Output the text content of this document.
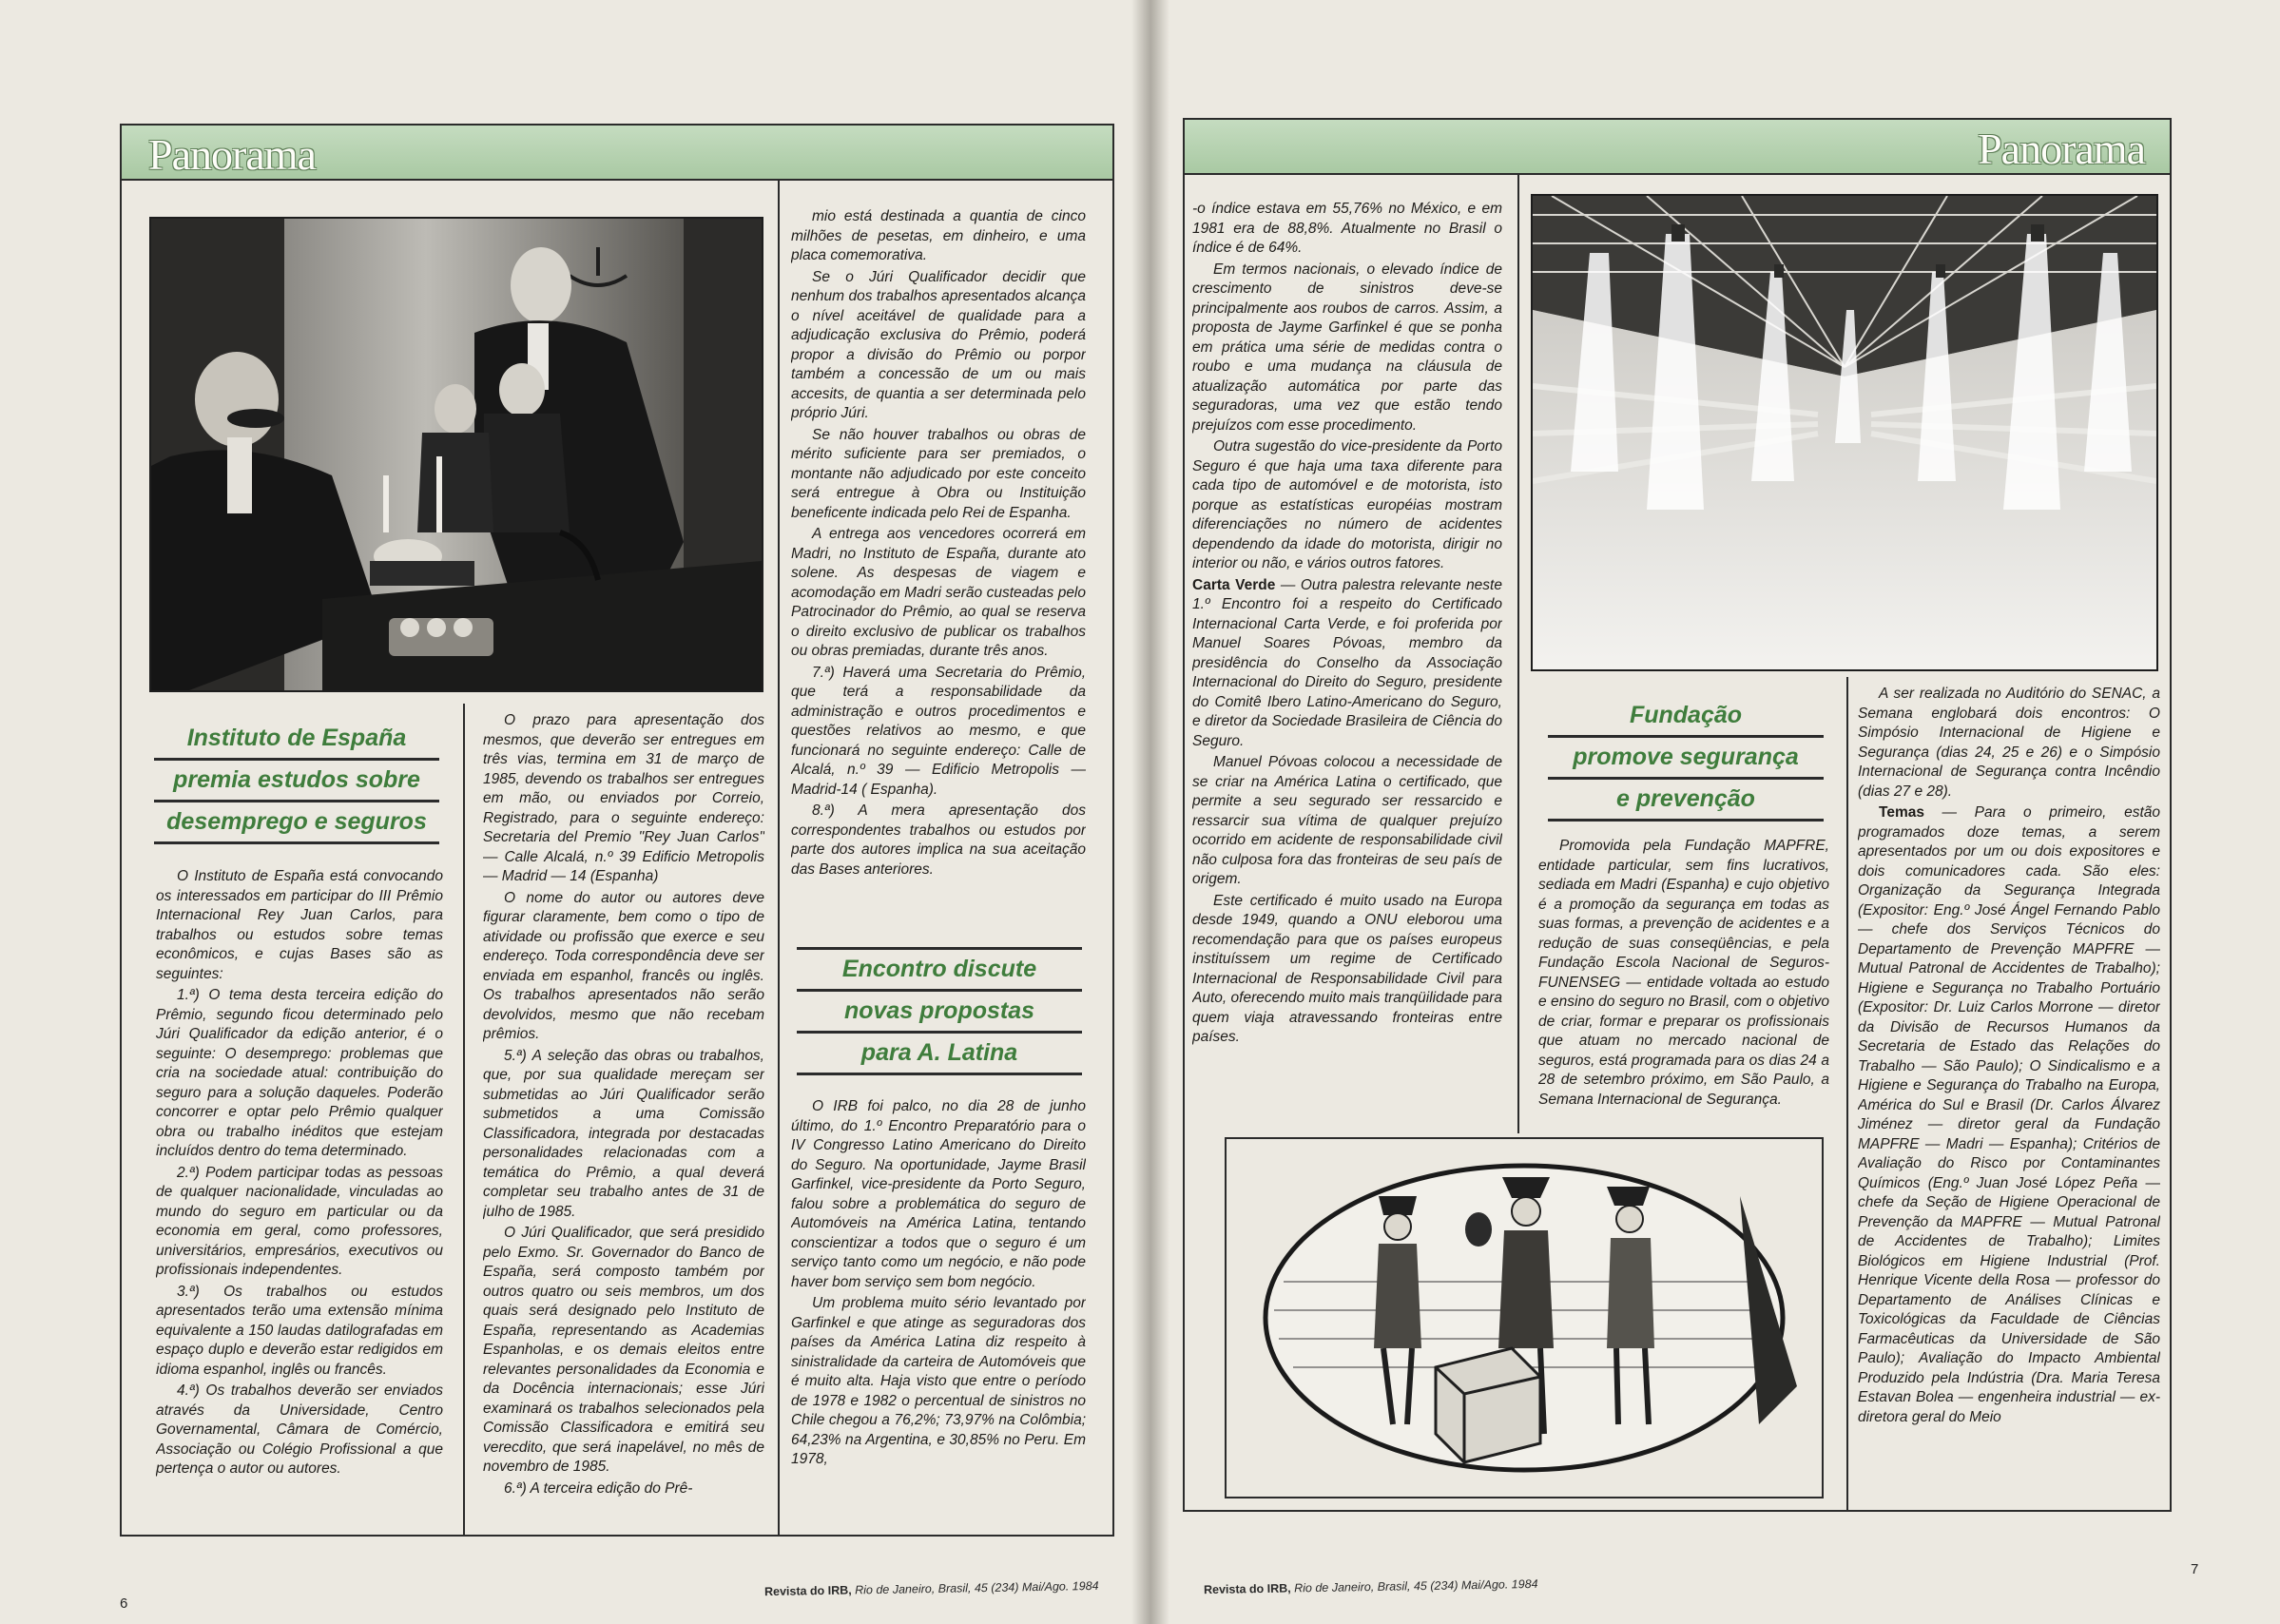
Panorama
Instituto de España
premia estudos sobre
desemprego e seguros

O Instituto de España está convocando os interessados em participar do III Prêmio Internacional Rey Juan Carlos, para trabalhos ou estudos sobre temas econômicos, e cujas Bases são as seguintes:

1.ª) O tema desta terceira edição do Prêmio, segundo ficou determinado pelo Júri Qualificador da edição anterior, é o seguinte: O desemprego: problemas que cria na sociedade atual: contribuição do seguro para a solução daqueles. Poderão concorrer e optar pelo Prêmio qualquer obra ou trabalho inéditos que estejam incluídos dentro do tema determinado.

2.ª) Podem participar todas as pessoas de qualquer nacionalidade, vinculadas ao mundo do seguro em particular ou da economia em geral, como professores, universitários, empresários, executivos ou profissionais independentes.

3.ª) Os trabalhos ou estudos apresentados terão uma extensão mínima equivalente a 150 laudas datilografadas em espaço duplo e deverão estar redigidos em idioma espanhol, inglês ou francês.

4.ª) Os trabalhos deverão ser enviados através da Universidade, Centro Governamental, Câmara de Comércio, Associação ou Colégio Profissional a que pertença o autor ou autores.

O prazo para apresentação dos mesmos, que deverão ser entregues em três vias, termina em 31 de março de 1985, devendo os trabalhos ser entregues em mão, ou enviados por Correio, Registrado, para o seguinte endereço: Secretaria del Premio "Rey Juan Carlos" — Calle Alcalá, n.º 39 Edificio Metropolis — Madrid — 14 (Espanha)

O nome do autor ou autores deve figurar claramente, bem como o tipo de atividade ou profissão que exerce e seu endereço. Toda correspondência deve ser enviada em espanhol, francês ou inglês. Os trabalhos apresentados não serão devolvidos, mesmo que não recebam prêmios.

5.ª) A seleção das obras ou trabalhos, que, por sua qualidade mereçam ser submetidas ao Júri Qualificador serão submetidos a uma Comissão Classificadora, integrada por destacadas personalidades relacionadas com a temática do Prêmio, a qual deverá completar seu trabalho antes de 31 de julho de 1985.

O Júri Qualificador, que será presidido pelo Exmo. Sr. Governador do Banco de España, será composto também por outros quatro ou seis membros, um dos quais será designado pelo Instituto de España, representando as Academias Espanholas, e os demais eleitos entre relevantes personalidades da Economia e da Docência internacionais; esse Júri examinará os trabalhos selecionados pela Comissão Classificadora e emitirá seu verecdito, que será inapelável, no mês de novembro de 1985.

6.ª) A terceira edição do Prê-

mio está destinada a quantia de cinco milhões de pesetas, em dinheiro, e uma placa comemorativa.

Se o Júri Qualificador decidir que nenhum dos trabalhos apresentados alcança o nível aceitável de qualidade para a adjudicação exclusiva do Prêmio, poderá propor a divisão do Prêmio ou porpor também a concessão de um ou mais accesits, de quantia a ser determinada pelo próprio Júri.

Se não houver trabalhos ou obras de mérito suficiente para ser premiados, o montante não adjudicado por este conceito será entregue à Obra ou Instituição beneficente indicada pelo Rei de Espanha.

A entrega aos vencedores ocorrerá em Madri, no Instituto de España, durante ato solene. As despesas de viagem e acomodação em Madri serão custeadas pelo Patrocinador do Prêmio, ao qual se reserva o direito exclusivo de publicar os trabalhos ou obras premiadas, durante três anos.

7.ª) Haverá uma Secretaria do Prêmio, que terá a responsabilidade da administração e outros procedimentos e questões relativos ao mesmo, e que funcionará no seguinte endereço: Calle de Alcalá, n.º 39 — Edificio Metropolis — Madrid-14 ( Espanha).

8.ª) A mera apresentação dos correspondentes trabalhos ou estudos por parte dos autores implica na sua aceitação das Bases anteriores.

Encontro discute
novas propostas
para A. Latina

O IRB foi palco, no dia 28 de junho último, do 1.º Encontro Preparatório para o IV Congresso Latino Americano do Direito do Seguro. Na oportunidade, Jayme Brasil Garfinkel, vice-presidente da Porto Seguro, falou sobre a problemática do seguro de Automóveis na América Latina, tentando conscientizar a todos que o seguro é um serviço tanto como um negócio, e não pode haver bom serviço sem bom negócio.

Um problema muito sério levantado por Garfinkel e que atinge as seguradoras dos países da América Latina diz respeito à sinistralidade da carteira de Automóveis que é muito alta. Haja visto que entre o período de 1978 e 1982 o percentual de sinistros no Chile chegou a 76,2%; 73,97% na Colômbia; 64,23% na Argentina, e 30,85% no Peru. Em 1978,

Revista do IRB, Rio de Janeiro, Brasil, 45 (234) Mai/Ago. 1984
6
Panorama

-o índice estava em 55,76% no México, e em 1981 era de 88,8%. Atualmente no Brasil o índice é de 64%.

Em termos nacionais, o elevado índice de crescimento de sinistros deve-se principalmente aos roubos de carros. Assim, a proposta de Jayme Garfinkel é que se ponha em prática uma série de medidas contra o roubo e uma mudança na cláusula de atualização automática por parte das seguradoras, uma vez que estão tendo prejuízos com esse procedimento.

Outra sugestão do vice-presidente da Porto Seguro é que haja uma taxa diferente para cada tipo de automóvel e de motorista, isto porque as estatísticas européias mostram diferenciações no número de acidentes dependendo da idade do motorista, dirigir no interior ou não, e vários outros fatores.

Carta Verde — Outra palestra relevante neste 1.º Encontro foi a respeito do Certificado Internacional Carta Verde, e foi proferida por Manuel Soares Póvoas, membro da presidência do Conselho da Associação Internacional do Direito do Seguro, presidente do Comitê Ibero Latino-Americano do Seguro, e diretor da Sociedade Brasileira de Ciência do Seguro.

Manuel Póvoas colocou a necessidade de se criar na América Latina o certificado, que permite a seu segurado ser ressarcido e ressarcir sua vítima de qualquer prejuízo ocorrido em acidente de responsabilidade civil não culposa fora das fronteiras de seu país de origem.

Este certificado é muito usado na Europa desde 1949, quando a ONU eleborou uma recomendação para que os países europeus instituíssem um regime de Certificado Internacional de Responsabilidade Civil para Auto, oferecendo muito mais tranqüilidade para quem viaja atravessando fronteiras entre países.

Fundação
promove segurança
e prevenção

Promovida pela Fundação MAPFRE, entidade particular, sem fins lucrativos, sediada em Madri (Espanha) e cujo objetivo é a promoção da segurança em todas as suas formas, a prevenção de acidentes e a redução de suas conseqüências, e pela Fundação Escola Nacional de Seguros-FUNENSEG — entidade voltada ao estudo e ensino do seguro no Brasil, com o objetivo de criar, formar e preparar os profissionais que atuam no mercado nacional de seguros, está programada para os dias 24 a 28 de setembro próximo, em São Paulo, a Semana Internacional de Segurança.

A ser realizada no Auditório do SENAC, a Semana englobará dois encontros: O Simpósio Internacional de Higiene e Segurança (dias 24, 25 e 26) e o Simpósio Internacional de Segurança contra Incêndio (dias 27 e 28).

Temas — Para o primeiro, estão programados doze temas, a serem apresentados por um ou dois expositores e dois comunicadores cada. São eles: Organização da Segurança Integrada (Expositor: Eng.º José Ángel Fernando Pablo — chefe dos Serviços Técnicos do Departamento de Prevenção MAPFRE — Mutual Patronal de Accidentes de Trabalho); Higiene e Segurança no Trabalho Portuário (Expositor: Dr. Luiz Carlos Morrone — diretor da Divisão de Recursos Humanos da Secretaria de Estado das Relações do Trabalho — São Paulo); O Sindicalismo e a Higiene e Segurança do Trabalho na Europa, América do Sul e Brasil (Dr. Carlos Álvarez Jiménez — diretor geral da Fundação MAPFRE — Madri — Espanha); Critérios de Avaliação do Risco por Contaminantes Químicos (Eng.º Juan José López Peña — chefe da Seção de Higiene Operacional de Prevenção da MAPFRE — Mutual Patronal de Accidentes de Trabalho); Limites Biológicos em Higiene Industrial (Prof. Henrique Vicente della Rosa — professor do Departamento de Análises Clínicas e Toxicológicas da Faculdade de Ciências Farmacêuticas da Universidade de São Paulo); Avaliação do Impacto Ambiental Produzido pela Indústria (Dra. Maria Teresa Estavan Bolea — engenheira industrial — ex-diretora geral do Meio

Revista do IRB, Rio de Janeiro, Brasil, 45 (234) Mai/Ago. 1984
7
